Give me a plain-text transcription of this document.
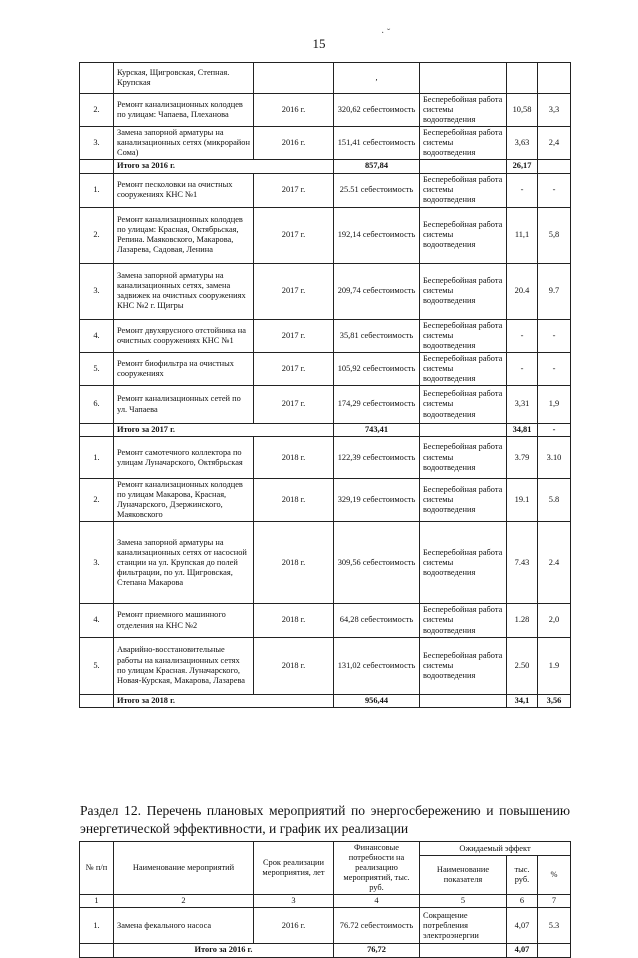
15
· ˇ
	Курская, Щигровская, Степная. Крупская		,			
2.	Ремонт канализационных колодцев по улицам: Чапаева, Плеханова	2016 г.	320,62 себестоимость	Бесперебойная работа системы водоотведения	10,58	3,3
3.	Замена запорной арматуры на канализационных сетях (микрорайон Сома)	2016 г.	151,41 себестоимость	Бесперебойная работа системы водоотведения	3,63	2,4
	Итого за 2016 г.		857,84		26,17	
1.	Ремонт песколовки на очистных сооружениях КНС №1	2017 г.	25.51 себестоимость	Бесперебойная работа системы водоотведения	-	-
2.	Ремонт канализационных колодцев по улицам: Красная, Октябрьская, Репина. Маяковского, Макарова, Лазарева, Садовая, Ленина	2017 г.	192,14 себестоимость	Бесперебойная работа системы водоотведения	11,1	5,8
3.	Замена запорной арматуры на канализационных сетях, замена задвижек на очистных сооружениях КНС №2 г. Щигры	2017 г.	209,74 себестоимость	Бесперебойная работа системы водоотведения	20.4	9.7
4.	Ремонт двухярусного отстойника на очистных сооружениях КНС №1	2017 г.	35,81 себестоимость	Бесперебойная работа системы водоотведения	-	-
5.	Ремонт биофильтра на очистных сооружениях	2017 г.	105,92 себестоимость	Бесперебойная работа системы водоотведения	-	-
6.	Ремонт канализационных сетей по ул. Чапаева	2017 г.	174,29 себестоимость	Бесперебойная работа системы водоотведения	3,31	1,9
	Итого за 2017 г.		743,41		34,81	-
1.	Ремонт самотечного коллектора по улицам Луначарского, Октябрьская	2018 г.	122,39 себестоимость	Бесперебойная работа системы водоотведения	3.79	3.10
2.	Ремонт канализационных колодцев по улицам Макарова, Красная, Луначарского, Дзержинского, Маяковского	2018 г.	329,19 себестоимость	Бесперебойная работа системы водоотведения	19.1	5.8
3.	Замена запорной арматуры на канализационных сетях от насосной станции на ул. Крупская до полей фильтрации, по ул. Щигровская, Степана Макарова	2018 г.	309,56 себестоимость	Бесперебойная работа системы водоотведения	7.43	2.4
4.	Ремонт приемного машинного отделения на КНС №2	2018 г.	64,28 себестоимость	Бесперебойная работа системы водоотведения	1.28	2,0
5.	Аварийно-восстановительные работы на канализационных сетях по улицам Красная. Луначарского, Новая-Курская, Макарова, Лазарева	2018 г.	131,02 себестоимость	Бесперебойная работа системы водоотведения	2.50	1.9
	Итого за 2018 г.		956,44		34,1	3,56
Раздел 12. Перечень плановых мероприятий по энергосбережению и повышению энергетической эффективности, и график их реализации
№ п/п	Наименование мероприятий	Срок реализации мероприятия, лет	Финансовые потребности на реализацию мероприятий, тыс. руб.	Ожидаемый эффект		
				Наименование показателя	тыс. руб.	%
1	2	3	4	5	6	7
1.	Замена фекального насоса	2016 г.	76.72 себестоимость	Сокращение потребления электроэнергии	4,07	5.3
	Итого за 2016 г.		76,72		4,07	
